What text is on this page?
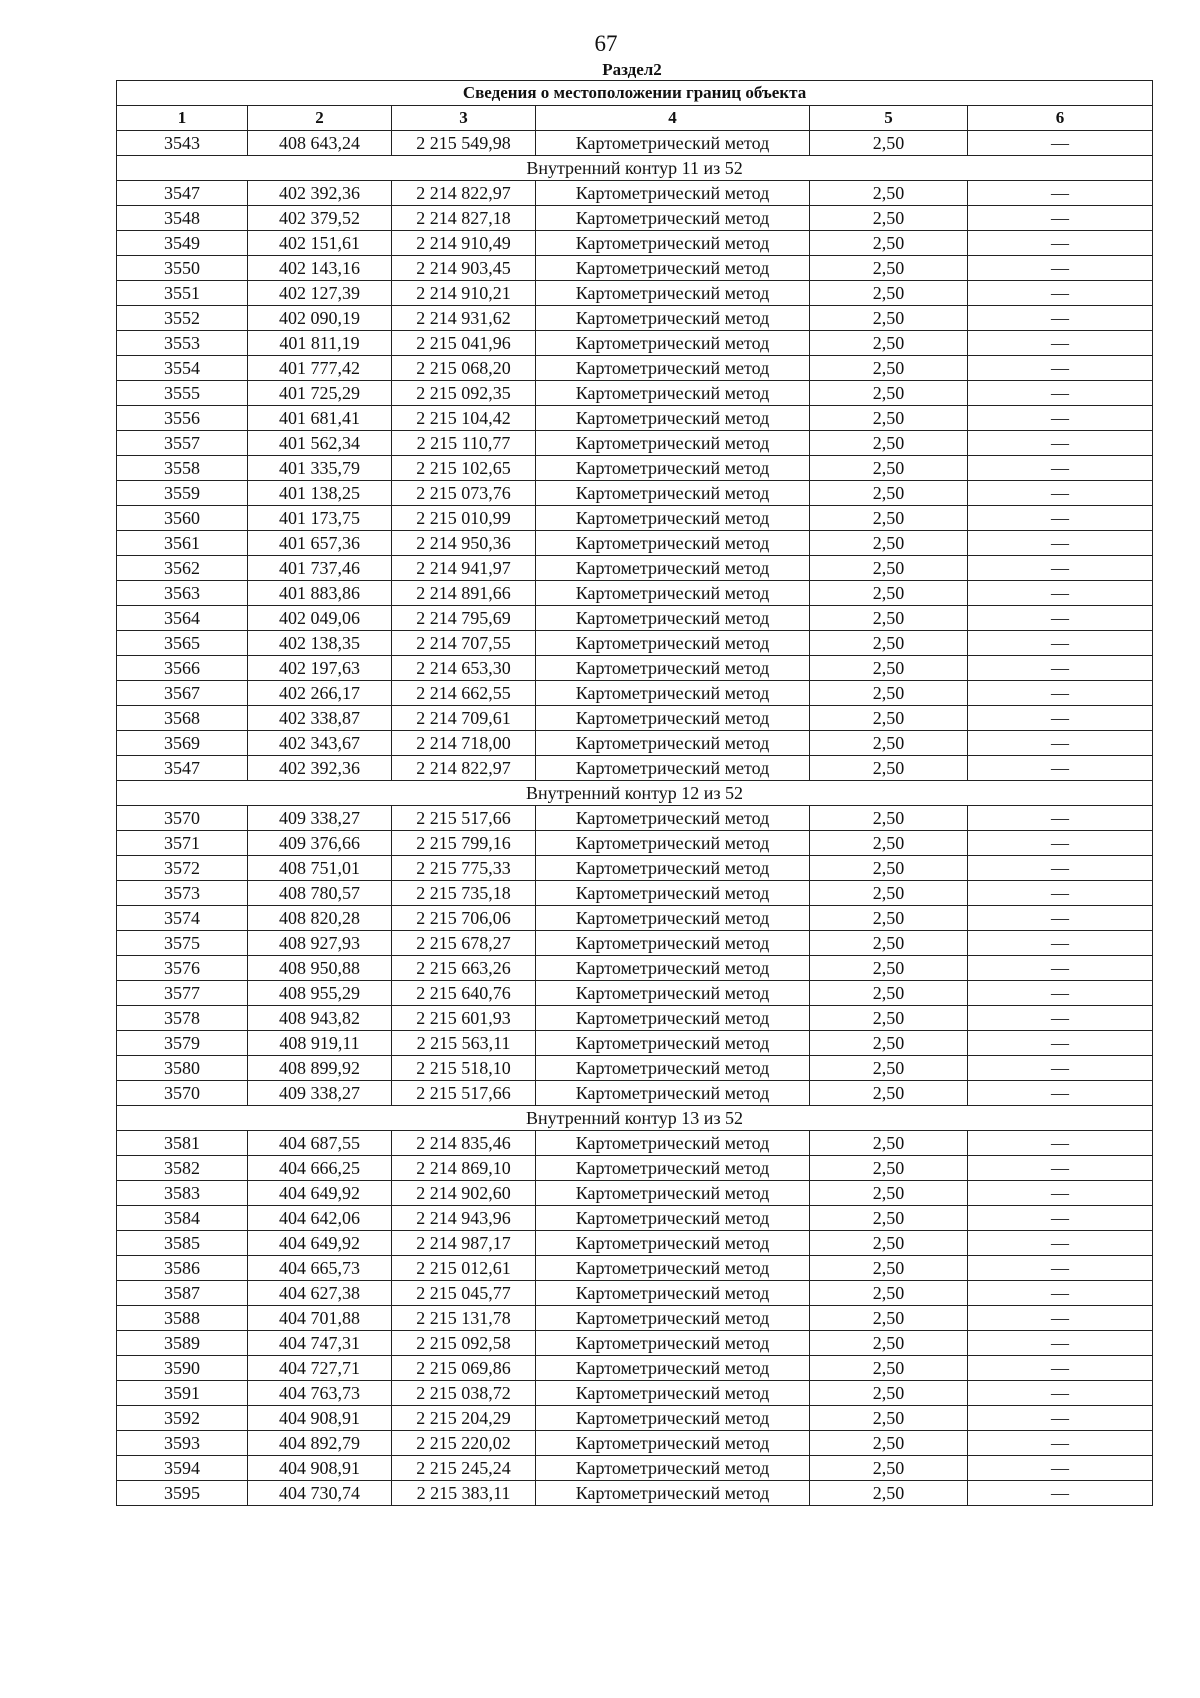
67
Раздел2
Сведения о местоположении границ объекта					
1	2	3	4	5	6
3543	408 643,24	2 215 549,98	Картометрический метод	2,50	—
Внутренний контур 11 из 52					
3547	402 392,36	2 214 822,97	Картометрический метод	2,50	—
3548	402 379,52	2 214 827,18	Картометрический метод	2,50	—
3549	402 151,61	2 214 910,49	Картометрический метод	2,50	—
3550	402 143,16	2 214 903,45	Картометрический метод	2,50	—
3551	402 127,39	2 214 910,21	Картометрический метод	2,50	—
3552	402 090,19	2 214 931,62	Картометрический метод	2,50	—
3553	401 811,19	2 215 041,96	Картометрический метод	2,50	—
3554	401 777,42	2 215 068,20	Картометрический метод	2,50	—
3555	401 725,29	2 215 092,35	Картометрический метод	2,50	—
3556	401 681,41	2 215 104,42	Картометрический метод	2,50	—
3557	401 562,34	2 215 110,77	Картометрический метод	2,50	—
3558	401 335,79	2 215 102,65	Картометрический метод	2,50	—
3559	401 138,25	2 215 073,76	Картометрический метод	2,50	—
3560	401 173,75	2 215 010,99	Картометрический метод	2,50	—
3561	401 657,36	2 214 950,36	Картометрический метод	2,50	—
3562	401 737,46	2 214 941,97	Картометрический метод	2,50	—
3563	401 883,86	2 214 891,66	Картометрический метод	2,50	—
3564	402 049,06	2 214 795,69	Картометрический метод	2,50	—
3565	402 138,35	2 214 707,55	Картометрический метод	2,50	—
3566	402 197,63	2 214 653,30	Картометрический метод	2,50	—
3567	402 266,17	2 214 662,55	Картометрический метод	2,50	—
3568	402 338,87	2 214 709,61	Картометрический метод	2,50	—
3569	402 343,67	2 214 718,00	Картометрический метод	2,50	—
3547	402 392,36	2 214 822,97	Картометрический метод	2,50	—
Внутренний контур 12 из 52					
3570	409 338,27	2 215 517,66	Картометрический метод	2,50	—
3571	409 376,66	2 215 799,16	Картометрический метод	2,50	—
3572	408 751,01	2 215 775,33	Картометрический метод	2,50	—
3573	408 780,57	2 215 735,18	Картометрический метод	2,50	—
3574	408 820,28	2 215 706,06	Картометрический метод	2,50	—
3575	408 927,93	2 215 678,27	Картометрический метод	2,50	—
3576	408 950,88	2 215 663,26	Картометрический метод	2,50	—
3577	408 955,29	2 215 640,76	Картометрический метод	2,50	—
3578	408 943,82	2 215 601,93	Картометрический метод	2,50	—
3579	408 919,11	2 215 563,11	Картометрический метод	2,50	—
3580	408 899,92	2 215 518,10	Картометрический метод	2,50	—
3570	409 338,27	2 215 517,66	Картометрический метод	2,50	—
Внутренний контур 13 из 52					
3581	404 687,55	2 214 835,46	Картометрический метод	2,50	—
3582	404 666,25	2 214 869,10	Картометрический метод	2,50	—
3583	404 649,92	2 214 902,60	Картометрический метод	2,50	—
3584	404 642,06	2 214 943,96	Картометрический метод	2,50	—
3585	404 649,92	2 214 987,17	Картометрический метод	2,50	—
3586	404 665,73	2 215 012,61	Картометрический метод	2,50	—
3587	404 627,38	2 215 045,77	Картометрический метод	2,50	—
3588	404 701,88	2 215 131,78	Картометрический метод	2,50	—
3589	404 747,31	2 215 092,58	Картометрический метод	2,50	—
3590	404 727,71	2 215 069,86	Картометрический метод	2,50	—
3591	404 763,73	2 215 038,72	Картометрический метод	2,50	—
3592	404 908,91	2 215 204,29	Картометрический метод	2,50	—
3593	404 892,79	2 215 220,02	Картометрический метод	2,50	—
3594	404 908,91	2 215 245,24	Картометрический метод	2,50	—
3595	404 730,74	2 215 383,11	Картометрический метод	2,50	—
